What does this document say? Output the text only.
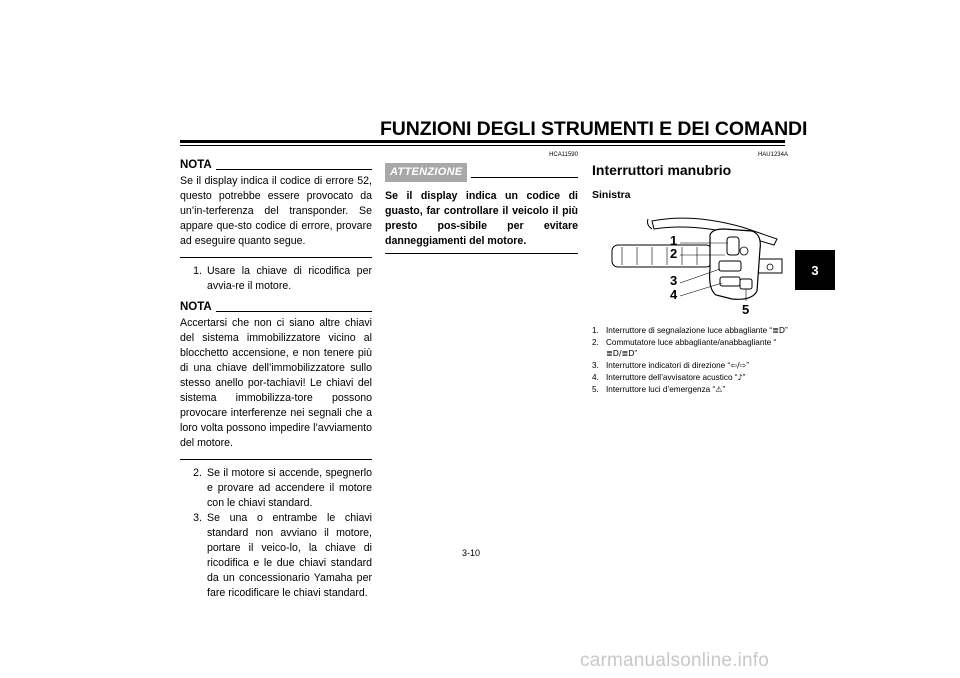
FUNZIONI DEGLI STRUMENTI E DEI COMANDI
3
NOTA
Se il display indica il codice di errore 52, questo potrebbe essere provocato da un’in-terferenza del transponder. Se appare que-sto codice di errore, provare ad eseguire quanto segue.
1. Usare la chiave di ricodifica per avvia-re il motore.
NOTA
Accertarsi che non ci siano altre chiavi del sistema immobilizzatore vicino al blocchetto accensione, e non tenere più di una chiave dell’immobilizzatore sullo stesso anello por-tachiavi! Le chiavi del sistema immobilizza-tore possono provocare interferenze nei segnali che a loro volta possono impedire l’avviamento del motore.
2. Se il motore si accende, spegnerlo e provare ad accendere il motore con le chiavi standard.
3. Se una o entrambe le chiavi standard non avviano il motore, portare il veico-lo, la chiave di ricodifica e le due chiavi standard da un concessionario Yamaha per fare ricodificare le chiavi standard.
HCA11590
ATTENZIONE
Se il display indica un codice di guasto, far controllare il veicolo il più presto pos-sibile per evitare danneggiamenti del motore.
HAU1234A
Interruttori manubrio
Sinistra
1
2
3
4
5
1. Interruttore di segnalazione luce abbagliante “≣D”
2. Commutatore luce abbagliante/anabbagliante “≣D/≣D”
3. Interruttore indicatori di direzione “⇦/⇨”
4. Interruttore dell’avvisatore acustico “♪”
5. Interruttore luci d’emergenza “⚠”
3-10
carmanualsonline.info
